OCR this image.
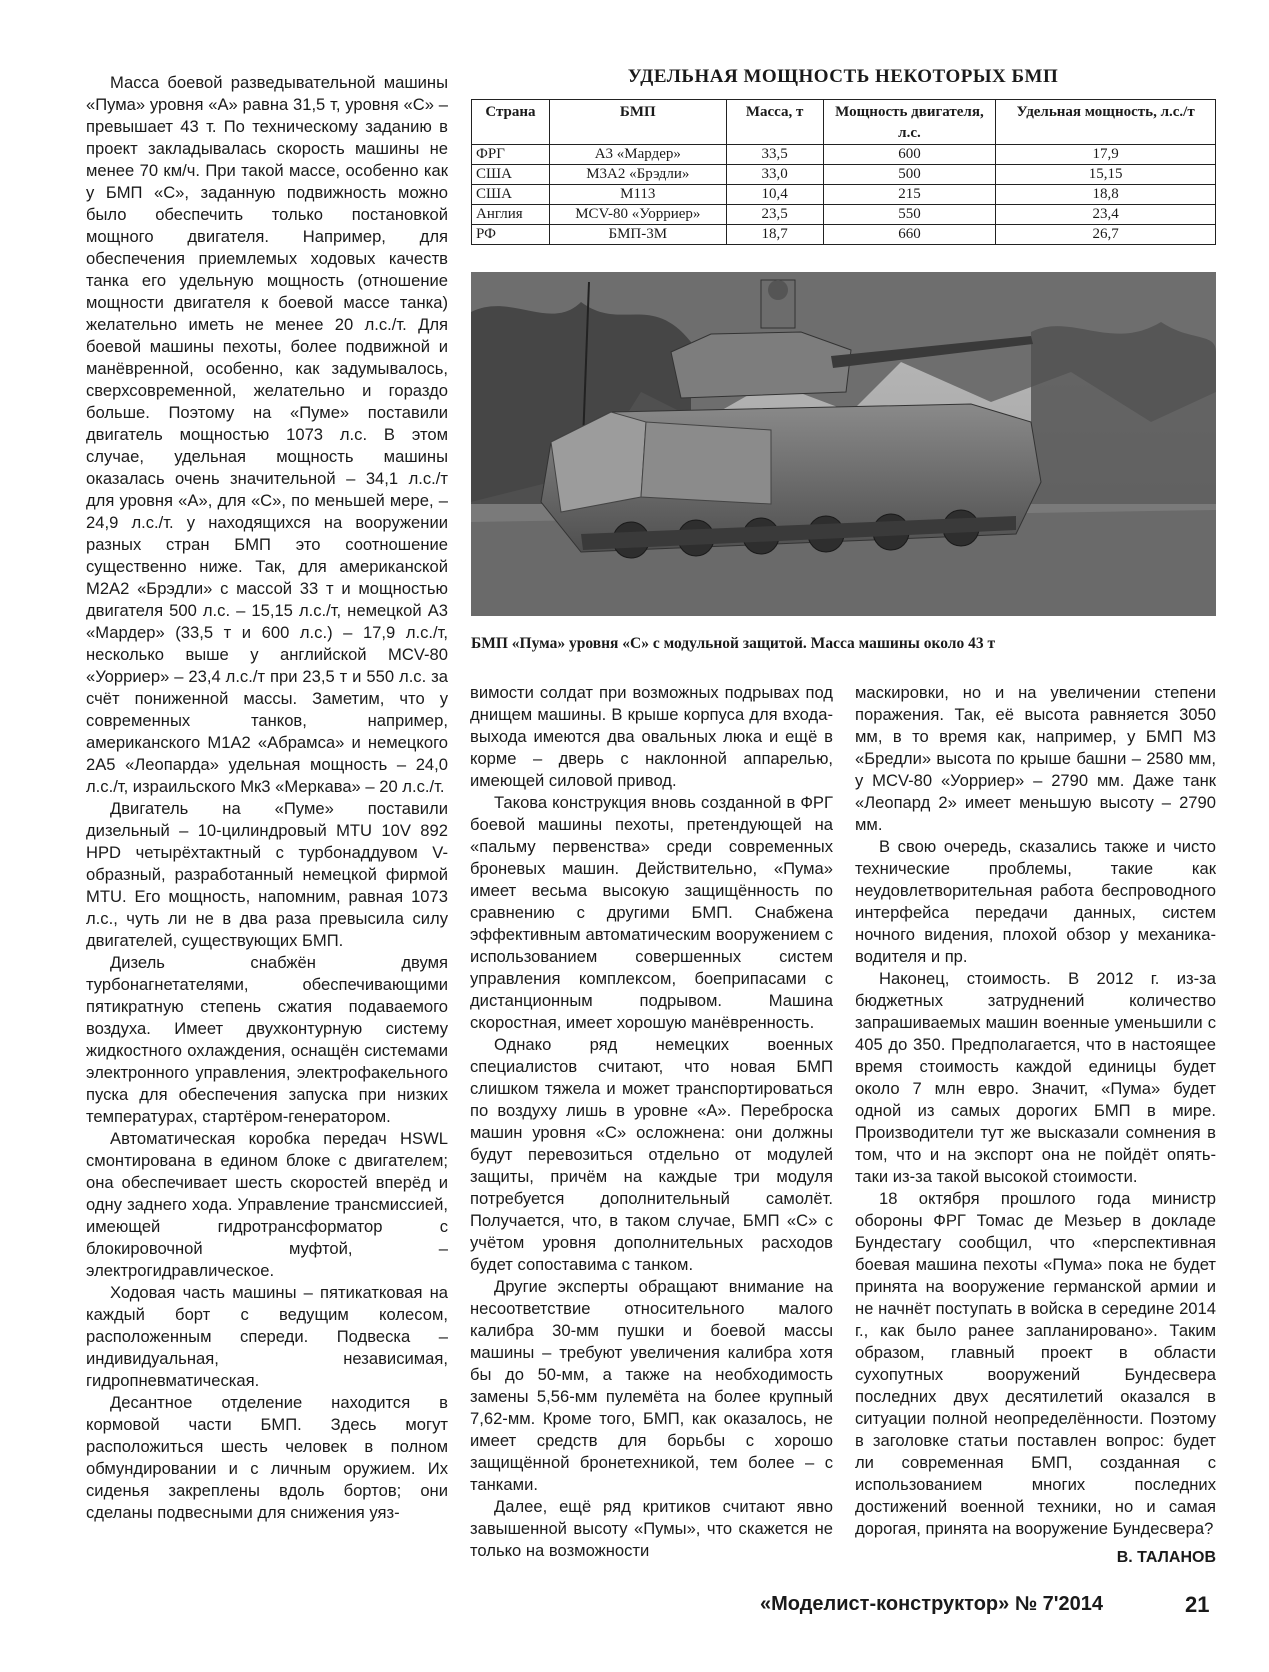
Масса боевой разведывательной машины «Пума» уровня «А» равна 31,5 т, уровня «С» – превышает 43 т. По техническому заданию в проект закладывалась скорость машины не менее 70 км/ч. При такой массе, особенно как у БМП «С», заданную подвижность можно было обеспечить только постановкой мощного двигателя. Например, для обеспечения приемлемых ходовых качеств танка его удельную мощность (отношение мощности двигателя к боевой массе танка) желательно иметь не менее 20 л.с./т. Для боевой машины пехоты, более подвижной и манёвренной, особенно, как задумывалось, сверхсовременной, желательно и гораздо больше. Поэтому на «Пуме» поставили двигатель мощностью 1073 л.с. В этом случае, удельная мощность машины оказалась очень значительной – 34,1 л.с./т для уровня «А», для «С», по меньшей мере, – 24,9 л.с./т. у находящихся на вооружении разных стран БМП это соотношение существенно ниже. Так, для американской М2А2 «Брэдли» с массой 33 т и мощностью двигателя 500 л.с. – 15,15 л.с./т, немецкой А3 «Мардер» (33,5 т и 600 л.с.) – 17,9 л.с./т, несколько выше у английской MCV-80 «Уорриер» – 23,4 л.с./т при 23,5 т и 550 л.с. за счёт пониженной массы. Заметим, что у современных танков, например, американского М1А2 «Абрамса» и немецкого 2А5 «Леопарда» удельная мощность – 24,0 л.с./т, израильского Мк3 «Меркава» – 20 л.с./т.

Двигатель на «Пуме» поставили дизельный – 10-цилиндровый MTU 10V 892 HPD четырёхтактный с турбонаддувом V-образный, разработанный немецкой фирмой MTU. Его мощность, напомним, равная 1073 л.с., чуть ли не в два раза превысила силу двигателей, существующих БМП.

Дизель снабжён двумя турбонагнетателями, обеспечивающими пятикратную степень сжатия подаваемого воздуха. Имеет двухконтурную систему жидкостного охлаждения, оснащён системами электронного управления, электрофакельного пуска для обеспечения запуска при низких температурах, стартёром-генератором.

Автоматическая коробка передач HSWL смонтирована в едином блоке с двигателем; она обеспечивает шесть скоростей вперёд и одну заднего хода. Управление трансмиссией, имеющей гидротрансформатор с блокировочной муфтой, – электрогидравлическое.

Ходовая часть машины – пятикатковая на каждый борт с ведущим колесом, расположенным спереди. Подвеска – индивидуальная, независимая, гидропневматическая.

Десантное отделение находится в кормовой части БМП. Здесь могут расположиться шесть человек в полном обмундировании и с личным оружием. Их сиденья закреплены вдоль бортов; они сделаны подвесными для снижения уяз-

УДЕЛЬНАЯ МОЩНОСТЬ НЕКОТОРЫХ БМП
Страна	БМП	Масса, т	Мощность двигателя, л.с.	Удельная мощность, л.с./т
ФРГ	А3 «Мардер»	33,5	600	17,9
США	М3А2 «Брэдли»	33,0	500	15,15
США	М113	10,4	215	18,8
Англия	MCV-80 «Уорриер»	23,5	550	23,4
РФ	БМП-3М	18,7	660	26,7
БМП «Пума» уровня «С» с модульной защитой. Масса машины около 43 т

вимости солдат при возможных подрывах под днищем машины. В крыше корпуса для входа-выхода имеются два овальных люка и ещё в корме – дверь с наклонной аппарелью, имеющей силовой привод.

Такова конструкция вновь созданной в ФРГ боевой машины пехоты, претендующей на «пальму первенства» среди современных броневых машин. Действительно, «Пума» имеет весьма высокую защищённость по сравнению с другими БМП. Снабжена эффективным автоматическим вооружением с использованием совершенных систем управления комплексом, боеприпасами с дистанционным подрывом. Машина скоростная, имеет хорошую манёвренность.

Однако ряд немецких военных специалистов считают, что новая БМП слишком тяжела и может транспортироваться по воздуху лишь в уровне «А». Переброска машин уровня «С» осложнена: они должны будут перевозиться отдельно от модулей защиты, причём на каждые три модуля потребуется дополнительный самолёт. Получается, что, в таком случае, БМП «С» с учётом уровня дополнительных расходов будет сопоставима с танком.

Другие эксперты обращают внимание на несоответствие относительного малого калибра 30-мм пушки и боевой массы машины – требуют увеличения калибра хотя бы до 50-мм, а также на необходимость замены 5,56-мм пулемёта на более крупный 7,62-мм. Кроме того, БМП, как оказалось, не имеет средств для борьбы с хорошо защищённой бронетехникой, тем более – с танками.

Далее, ещё ряд критиков считают явно завышенной высоту «Пумы», что скажется не только на возможности

маскировки, но и на увеличении степени поражения. Так, её высота равняется 3050 мм, в то время как, например, у БМП М3 «Бредли» высота по крыше башни – 2580 мм, у MCV-80 «Уорриер» – 2790 мм. Даже танк «Леопард 2» имеет меньшую высоту – 2790 мм.

В свою очередь, сказались также и чисто технические проблемы, такие как неудовлетворительная работа беспроводного интерфейса передачи данных, систем ночного видения, плохой обзор у механика-водителя и пр.

Наконец, стоимость. В 2012 г. из-за бюджетных затруднений количество запрашиваемых машин военные уменьшили с 405 до 350. Предполагается, что в настоящее время стоимость каждой единицы будет около 7 млн евро. Значит, «Пума» будет одной из самых дорогих БМП в мире. Производители тут же высказали сомнения в том, что и на экспорт она не пойдёт опять-таки из-за такой высокой стоимости.

18 октября прошлого года министр обороны ФРГ Томас де Мезьер в докладе Бундестагу сообщил, что «перспективная боевая машина пехоты «Пума» пока не будет принята на вооружение германской армии и не начнёт поступать в войска в середине 2014 г., как было ранее запланировано». Таким образом, главный проект в области сухопутных вооружений Бундесвера последних двух десятилетий оказался в ситуации полной неопределённости. Поэтому в заголовке статьи поставлен вопрос: будет ли современная БМП, созданная с использованием многих последних достижений военной техники, но и самая дорогая, принята на вооружение Бундесвера?

В. ТАЛАНОВ
«Моделист-конструктор» № 7'2014	21
